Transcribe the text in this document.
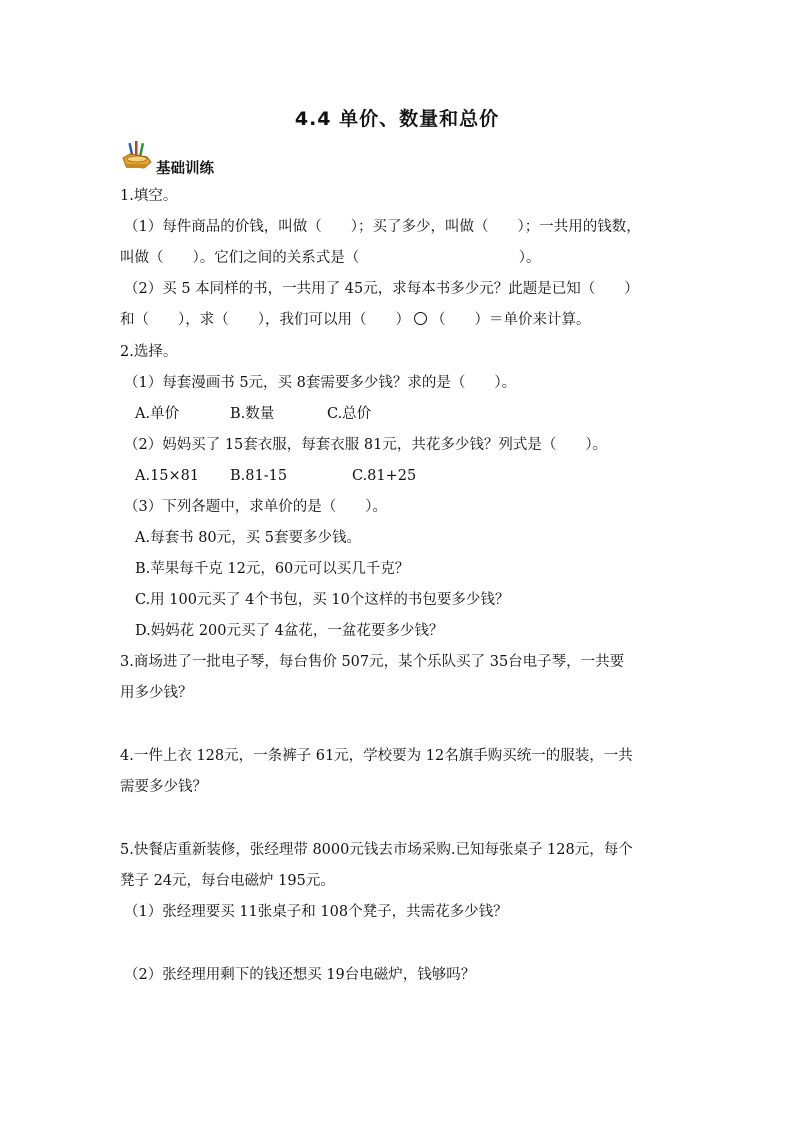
4.4 单价、数量和总价
基础训练
1.填空。
（1）每件商品的价钱，叫做（　　）；买了多少，叫做（　　）；一共用的钱数，
叫做（　　）。它们之间的关系式是（　　　　　　　　　　　）。
（2）买 5 本同样的书，一共用了 45元，求每本书多少元？此题是已知（　　）
和（　　），求（　　），我们可以用（　　） （　　）＝单价来计算。
2.选择。
（1）每套漫画书 5元，买 8套需要多少钱？求的是（　　）。
A.单价	B.数量	C.总价
（2）妈妈买了 15套衣服，每套衣服 81元，共花多少钱？列式是（　　）。
A.15×81 B.81-15	C.81+25
（3）下列各题中，求单价的是（　　）。
A.每套书 80元，买 5套要多少钱。
B.苹果每千克 12元，60元可以买几千克？
C.用 100元买了 4个书包，买 10个这样的书包要多少钱？
D.妈妈花 200元买了 4盆花，一盆花要多少钱？
3.商场进了一批电子琴，每台售价 507元，某个乐队买了 35台电子琴，一共要
用多少钱？
4.一件上衣 128元，一条裤子 61元，学校要为 12名旗手购买统一的服装，一共
需要多少钱？
5.快餐店重新装修，张经理带 8000元钱去市场采购.已知每张桌子 128元，每个
凳子 24元，每台电磁炉 195元。
（1）张经理要买 11张桌子和 108个凳子，共需花多少钱？
（2）张经理用剩下的钱还想买 19台电磁炉，钱够吗？
